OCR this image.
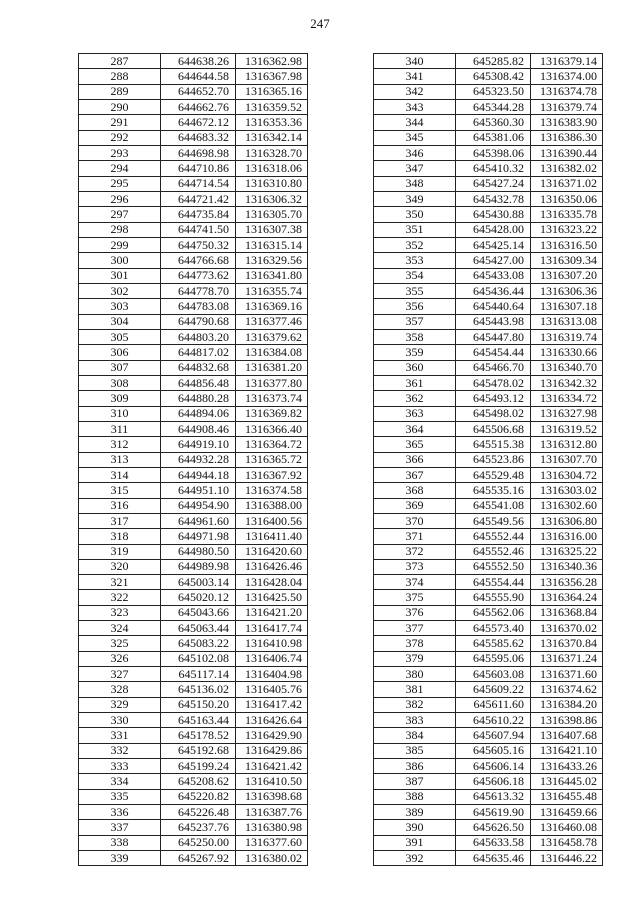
247
287	644638.26	1316362.98
288	644644.58	1316367.98
289	644652.70	1316365.16
290	644662.76	1316359.52
291	644672.12	1316353.36
292	644683.32	1316342.14
293	644698.98	1316328.70
294	644710.86	1316318.06
295	644714.54	1316310.80
296	644721.42	1316306.32
297	644735.84	1316305.70
298	644741.50	1316307.38
299	644750.32	1316315.14
300	644766.68	1316329.56
301	644773.62	1316341.80
302	644778.70	1316355.74
303	644783.08	1316369.16
304	644790.68	1316377.46
305	644803.20	1316379.62
306	644817.02	1316384.08
307	644832.68	1316381.20
308	644856.48	1316377.80
309	644880.28	1316373.74
310	644894.06	1316369.82
311	644908.46	1316366.40
312	644919.10	1316364.72
313	644932.28	1316365.72
314	644944.18	1316367.92
315	644951.10	1316374.58
316	644954.90	1316388.00
317	644961.60	1316400.56
318	644971.98	1316411.40
319	644980.50	1316420.60
320	644989.98	1316426.46
321	645003.14	1316428.04
322	645020.12	1316425.50
323	645043.66	1316421.20
324	645063.44	1316417.74
325	645083.22	1316410.98
326	645102.08	1316406.74
327	645117.14	1316404.98
328	645136.02	1316405.76
329	645150.20	1316417.42
330	645163.44	1316426.64
331	645178.52	1316429.90
332	645192.68	1316429.86
333	645199.24	1316421.42
334	645208.62	1316410.50
335	645220.82	1316398.68
336	645226.48	1316387.76
337	645237.76	1316380.98
338	645250.00	1316377.60
339	645267.92	1316380.02
340	645285.82	1316379.14
341	645308.42	1316374.00
342	645323.50	1316374.78
343	645344.28	1316379.74
344	645360.30	1316383.90
345	645381.06	1316386.30
346	645398.06	1316390.44
347	645410.32	1316382.02
348	645427.24	1316371.02
349	645432.78	1316350.06
350	645430.88	1316335.78
351	645428.00	1316323.22
352	645425.14	1316316.50
353	645427.00	1316309.34
354	645433.08	1316307.20
355	645436.44	1316306.36
356	645440.64	1316307.18
357	645443.98	1316313.08
358	645447.80	1316319.74
359	645454.44	1316330.66
360	645466.70	1316340.70
361	645478.02	1316342.32
362	645493.12	1316334.72
363	645498.02	1316327.98
364	645506.68	1316319.52
365	645515.38	1316312.80
366	645523.86	1316307.70
367	645529.48	1316304.72
368	645535.16	1316303.02
369	645541.08	1316302.60
370	645549.56	1316306.80
371	645552.44	1316316.00
372	645552.46	1316325.22
373	645552.50	1316340.36
374	645554.44	1316356.28
375	645555.90	1316364.24
376	645562.06	1316368.84
377	645573.40	1316370.02
378	645585.62	1316370.84
379	645595.06	1316371.24
380	645603.08	1316371.60
381	645609.22	1316374.62
382	645611.60	1316384.20
383	645610.22	1316398.86
384	645607.94	1316407.68
385	645605.16	1316421.10
386	645606.14	1316433.26
387	645606.18	1316445.02
388	645613.32	1316455.48
389	645619.90	1316459.66
390	645626.50	1316460.08
391	645633.58	1316458.78
392	645635.46	1316446.22
